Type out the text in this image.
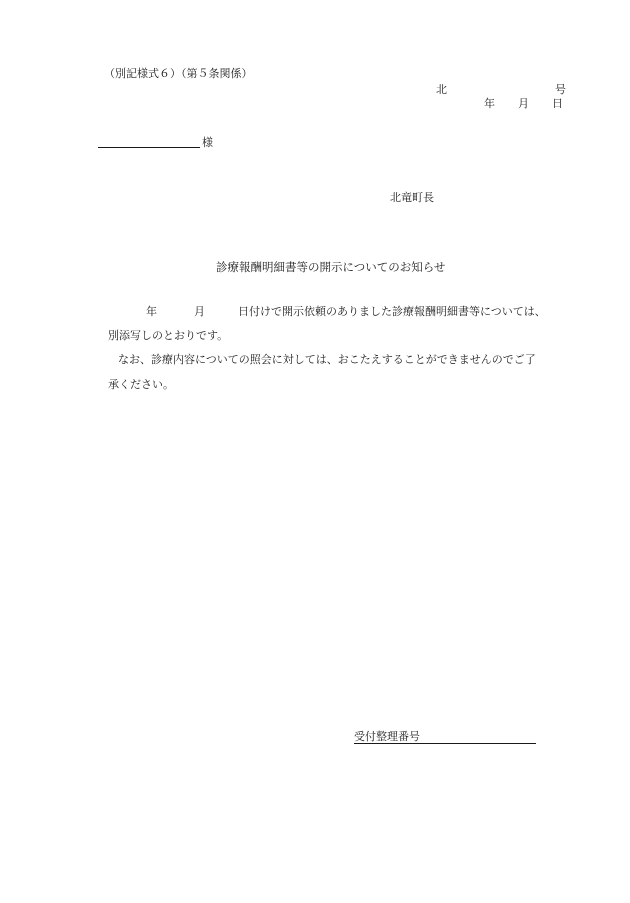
（別記様式６）（第５条関係）
北	号
年 月 日
様
北竜町長
診療報酬明細書等の開示についてのお知らせ
年	月	日付けで開示依頼のありました診療報酬明細書等については、
別添写しのとおりです。
なお、診療内容についての照会に対しては、おこたえすることができませんのでご了
承ください。
受付整理番号
